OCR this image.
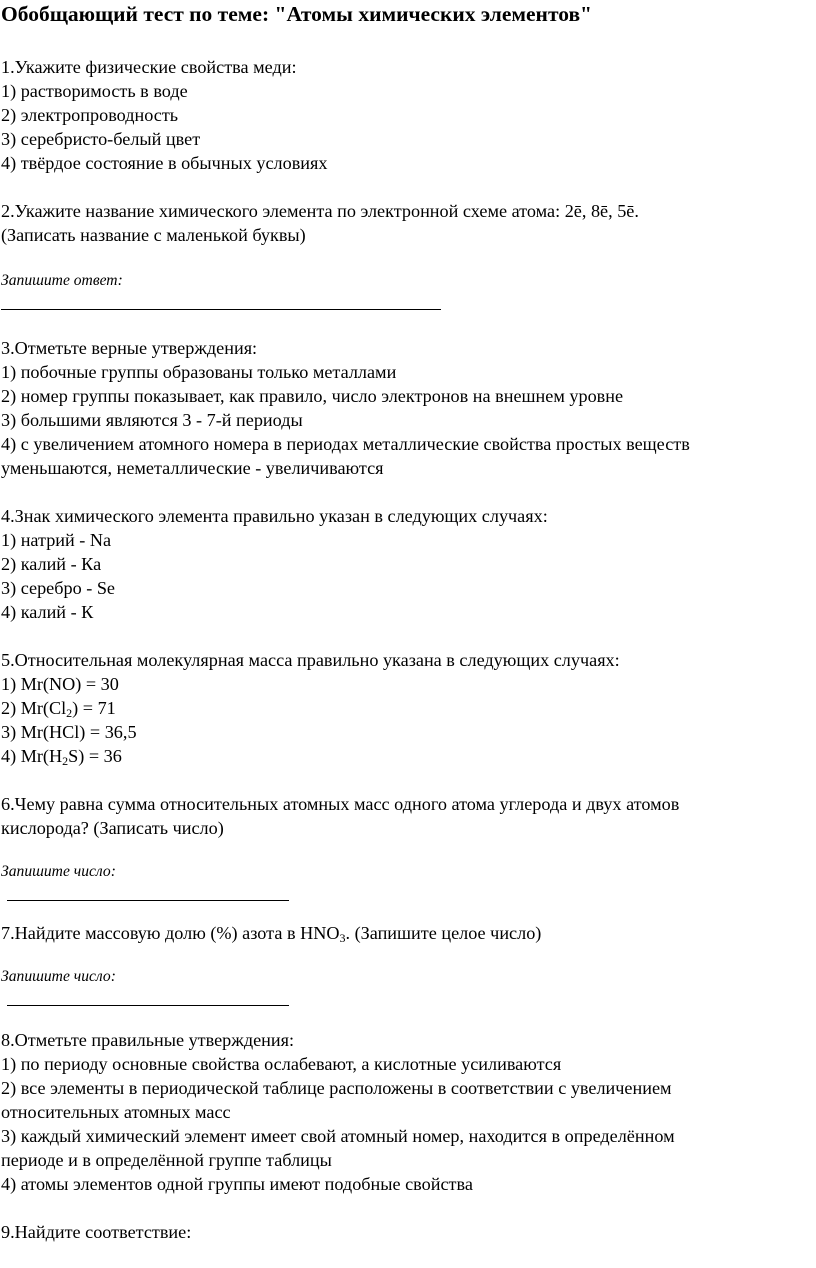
Обобщающий тест по теме: "Атомы химических элементов"
1.Укажите физические свойства меди:
1) растворимость в воде
2) электропроводность
3) серебристо-белый цвет
4) твёрдое состояние в обычных условиях
2.Укажите название химического элемента по электронной схеме атома: 2ē, 8ē, 5ē.
(Записать название с маленькой буквы)
Запишите ответ:
3.Отметьте верные утверждения:
1) побочные группы образованы только металлами
2) номер группы показывает, как правило, число электронов на внешнем уровне
3) большими являются 3 - 7-й периоды
4) с увеличением атомного номера в периодах металлические свойства простых веществ
уменьшаются, неметаллические - увеличиваются
4.Знак химического элемента правильно указан в следующих случаях:
1) натрий - Na
2) калий - Ка
3) серебро - Se
4) калий - К
5.Относительная молекулярная масса правильно указана в следующих случаях:
1) Mr(NO) = 30
2) $Mr(Cl_2) = 71$
3) Mr(HCl) = 36,5
4) $Mr(H_2S) = 36$
6.Чему равна сумма относительных атомных масс одного атома углерода и двух атомов
кислорода? (Записать число)
Запишите число:
7.Найдите массовую долю (%) азота в $HNO_3$. (Запишите целое число)
Запишите число:
8.Отметьте правильные утверждения:
1) по периоду основные свойства ослабевают, а кислотные усиливаются
2) все элементы в периодической таблице расположены в соответствии с увеличением
относительных атомных масс
3) каждый химический элемент имеет свой атомный номер, находится в определённом
периоде и в определённой группе таблицы
4) атомы элементов одной группы имеют подобные свойства
9.Найдите соответствие:
